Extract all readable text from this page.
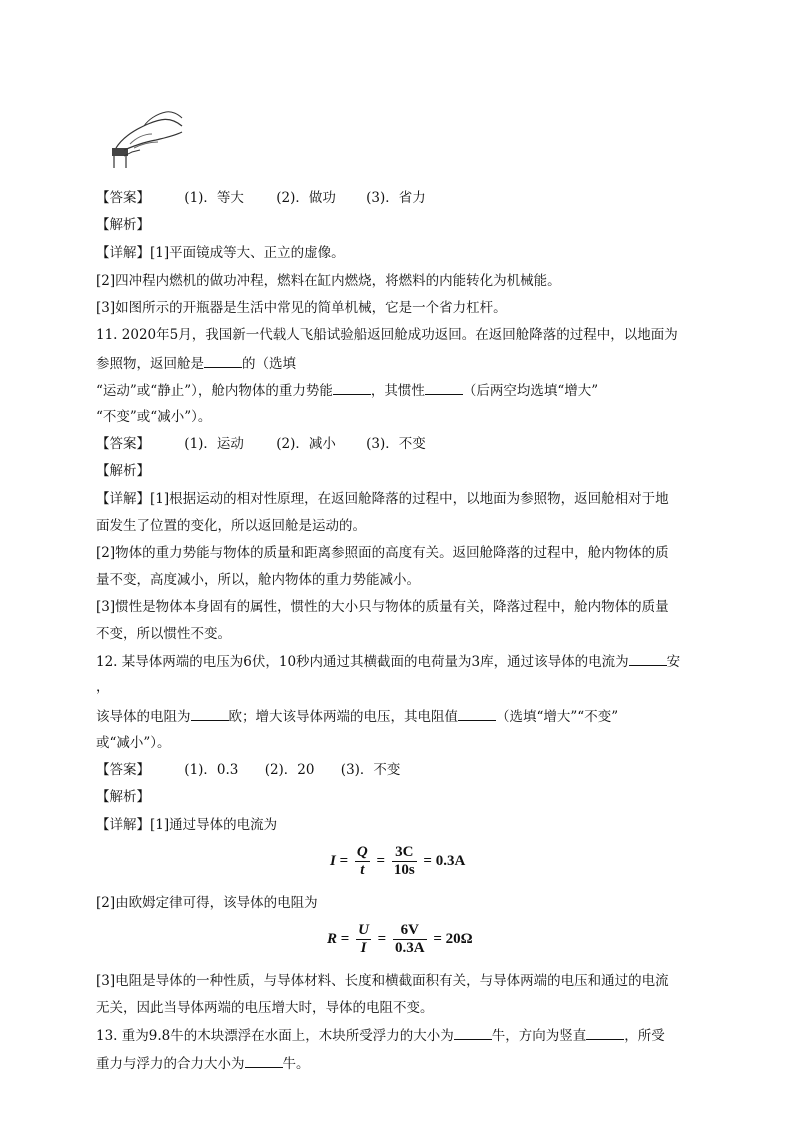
【答案】	(1)．等大 (2)．做功 (3)．省力
【解析】
【详解】[1]平面镜成等大、正立的虚像。
[2]四冲程内燃机的做功冲程，燃料在缸内燃烧，将燃料的内能转化为机械能。
[3]如图所示的开瓶器是生活中常见的简单机械，它是一个省力杠杆。
11. 2020年5月，我国新一代载人飞船试验船返回舱成功返回。在返回舱降落的过程中，以地面为
参照物，返回舱是	的（选填
“运动”或“静止”），舱内物体的重力势能	，其惯性	（后两空均选填“增大”
“不变”或“减小”）。
【答案】	(1)．运动 (2)．减小 (3)．不变
【解析】
【详解】[1]根据运动的相对性原理，在返回舱降落的过程中，以地面为参照物，返回舱相对于地
面发生了位置的变化，所以返回舱是运动的。
[2]物体的重力势能与物体的质量和距离参照面的高度有关。返回舱降落的过程中，舱内物体的质
量不变，高度减小，所以，舱内物体的重力势能减小。
[3]惯性是物体本身固有的属性，惯性的大小只与物体的质量有关，降落过程中，舱内物体的质量
不变，所以惯性不变。
12. 某导体两端的电压为6伏，10秒内通过其横截面的电荷量为3库，通过该导体的电流为	安
，
该导体的电阻为	欧；增大该导体两端的电压，其电阻值	（选填“增大”“不变”
或“减小”）。
【答案】	(1)．0.3 (2)．20 (3)．不变
【解析】
【详解】[1]通过导体的电流为
$I = \frac{Q}{t} = \frac{3C}{10s} = 0.3A$
[2]由欧姆定律可得，该导体的电阻为
$R = \frac{U}{I} = \frac{6V}{0.3A} = 20\Omega$
[3]电阻是导体的一种性质，与导体材料、长度和横截面积有关，与导体两端的电压和通过的电流
无关，因此当导体两端的电压增大时，导体的电阻不变。
13. 重为9.8牛的木块漂浮在水面上，木块所受浮力的大小为	牛，方向为竖直	，所受
重力与浮力的合力大小为	牛。
